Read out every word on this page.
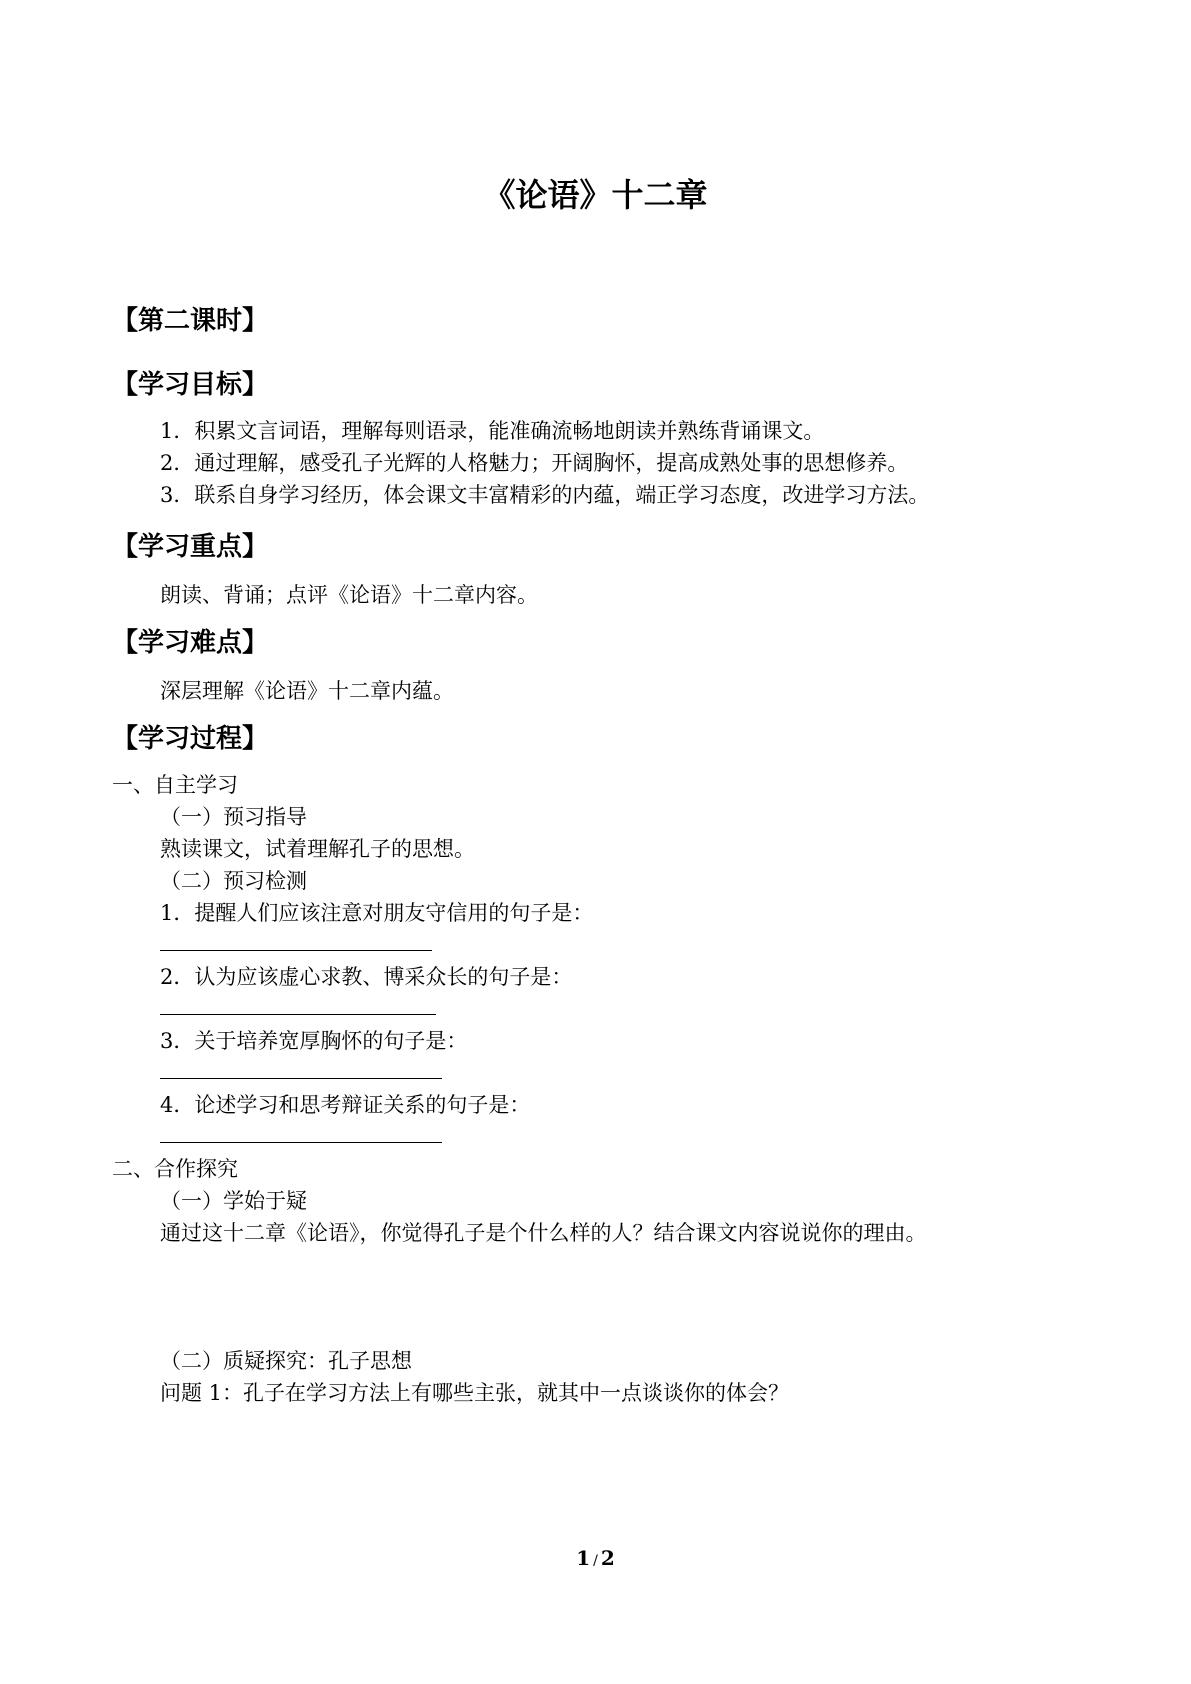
《论语》十二章
【第二课时】
【学习目标】
1．积累文言词语，理解每则语录，能准确流畅地朗读并熟练背诵课文。
2．通过理解，感受孔子光辉的人格魅力；开阔胸怀，提高成熟处事的思想修养。
3．联系自身学习经历，体会课文丰富精彩的内蕴，端正学习态度，改进学习方法。
【学习重点】
朗读、背诵；点评《论语》十二章内容。
【学习难点】
深层理解《论语》十二章内蕴。
【学习过程】
一、自主学习
（一）预习指导
熟读课文，试着理解孔子的思想。
（二）预习检测
1．提醒人们应该注意对朋友守信用的句子是：
2．认为应该虚心求教、博采众长的句子是：
3．关于培养宽厚胸怀的句子是：
4．论述学习和思考辩证关系的句子是：
二、合作探究
（一）学始于疑
通过这十二章《论语》，你觉得孔子是个什么样的人？结合课文内容说说你的理由。
（二）质疑探究：孔子思想
问题 1：孔子在学习方法上有哪些主张，就其中一点谈谈你的体会？
1 / 2
